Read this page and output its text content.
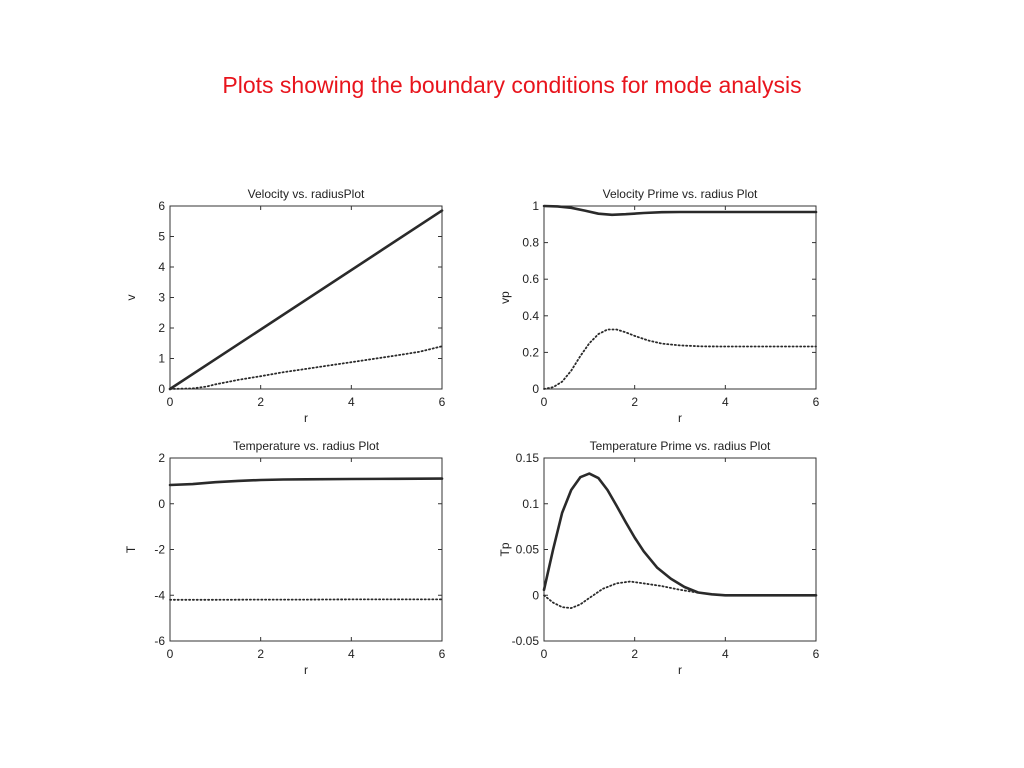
Plots showing the boundary conditions for mode analysis
Velocity vs. radiusPlot
0	2	4	6
0
1
2
3
4
5
6
r
v
Velocity Prime vs. radius Plot
0	2	4	6
0
0.2
0.4
0.6
0.8
1
r
vp
Temperature vs. radius Plot
0	2	4	6
-6
-4
-2
0
2
r
T
Temperature Prime vs. radius Plot
0	2	4	6
-0.05
0
0.05
0.1
0.15
r
Tp
